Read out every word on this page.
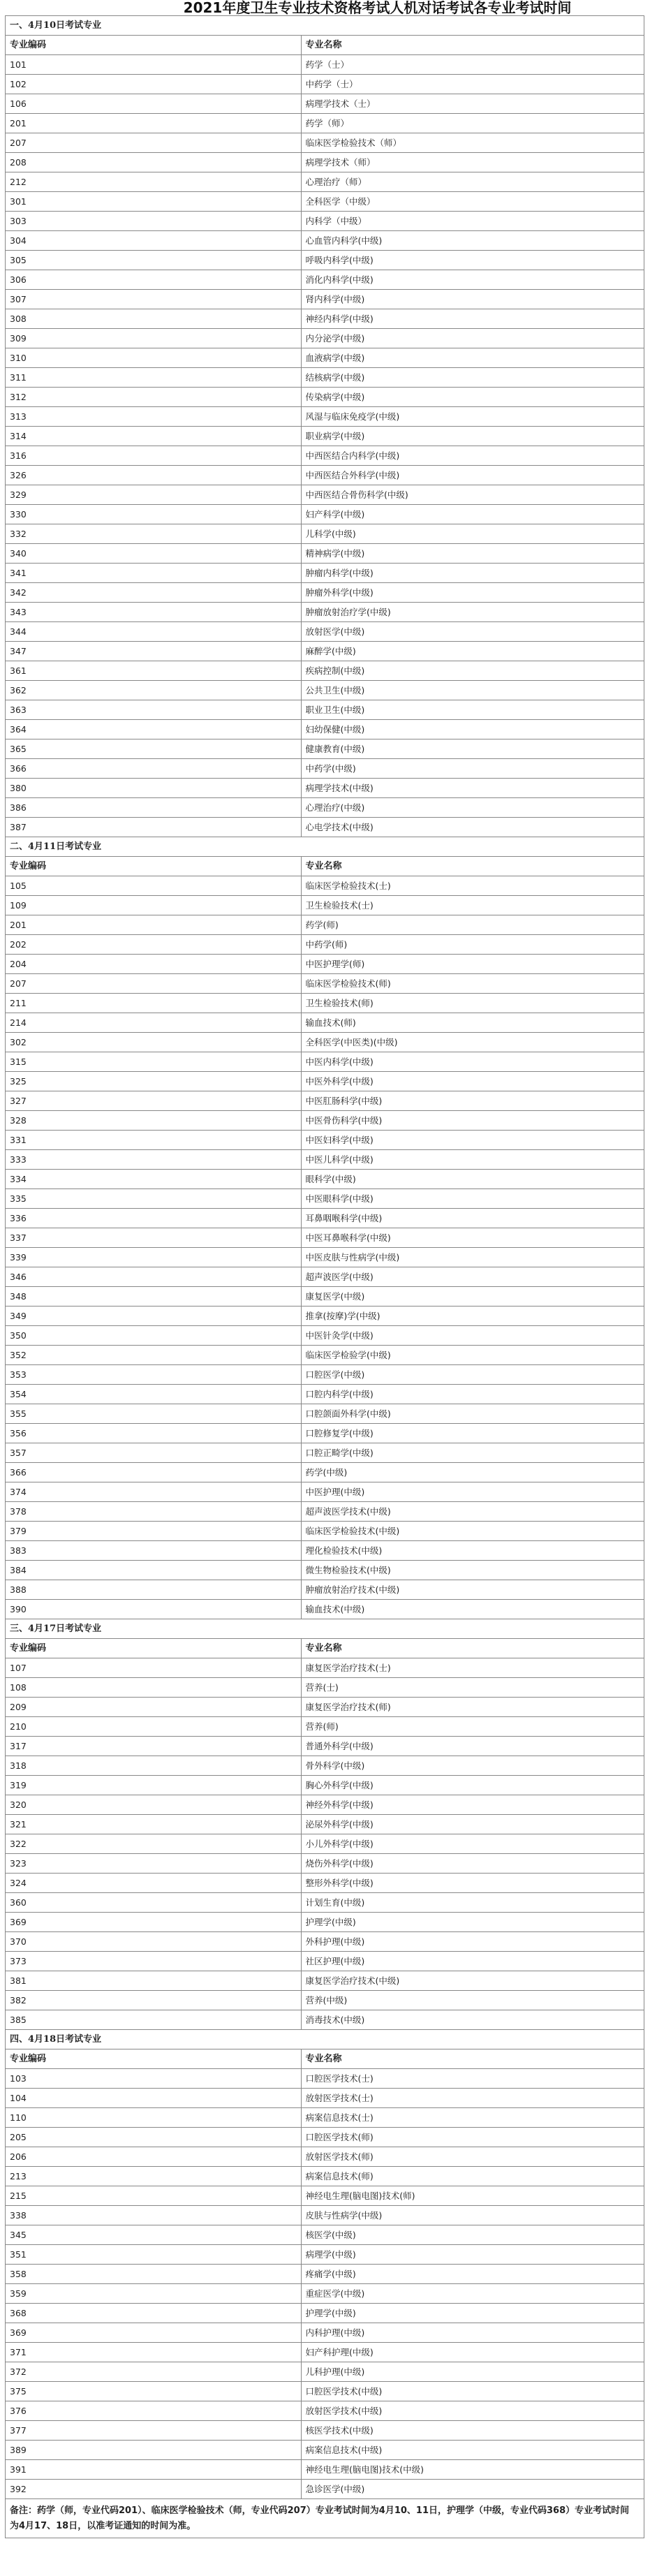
2021年度卫生专业技术资格考试人机对话考试各专业考试时间
一、4月10日考试专业
专业编码	专业名称
101	药学（士）
102	中药学（士）
106	病理学技术（士）
201	药学（师）
207	临床医学检验技术（师）
208	病理学技术（师）
212	心理治疗（师）
301	全科医学（中级）
303	内科学（中级）
304	心血管内科学(中级)
305	呼吸内科学(中级)
306	消化内科学(中级)
307	肾内科学(中级)
308	神经内科学(中级)
309	内分泌学(中级)
310	血液病学(中级)
311	结核病学(中级)
312	传染病学(中级)
313	风湿与临床免疫学(中级)
314	职业病学(中级)
316	中西医结合内科学(中级)
326	中西医结合外科学(中级)
329	中西医结合骨伤科学(中级)
330	妇产科学(中级)
332	儿科学(中级)
340	精神病学(中级)
341	肿瘤内科学(中级)
342	肿瘤外科学(中级)
343	肿瘤放射治疗学(中级)
344	放射医学(中级)
347	麻醉学(中级)
361	疾病控制(中级)
362	公共卫生(中级)
363	职业卫生(中级)
364	妇幼保健(中级)
365	健康教育(中级)
366	中药学(中级)
380	病理学技术(中级)
386	心理治疗(中级)
387	心电学技术(中级)
二、4月11日考试专业
专业编码	专业名称
105	临床医学检验技术(士)
109	卫生检验技术(士)
201	药学(师)
202	中药学(师)
204	中医护理学(师)
207	临床医学检验技术(师)
211	卫生检验技术(师)
214	输血技术(师)
302	全科医学(中医类)(中级)
315	中医内科学(中级)
325	中医外科学(中级)
327	中医肛肠科学(中级)
328	中医骨伤科学(中级)
331	中医妇科学(中级)
333	中医儿科学(中级)
334	眼科学(中级)
335	中医眼科学(中级)
336	耳鼻咽喉科学(中级)
337	中医耳鼻喉科学(中级)
339	中医皮肤与性病学(中级)
346	超声波医学(中级)
348	康复医学(中级)
349	推拿(按摩)学(中级)
350	中医针灸学(中级)
352	临床医学检验学(中级)
353	口腔医学(中级)
354	口腔内科学(中级)
355	口腔颌面外科学(中级)
356	口腔修复学(中级)
357	口腔正畸学(中级)
366	药学(中级)
374	中医护理(中级)
378	超声波医学技术(中级)
379	临床医学检验技术(中级)
383	理化检验技术(中级)
384	微生物检验技术(中级)
388	肿瘤放射治疗技术(中级)
390	输血技术(中级)
三、4月17日考试专业
专业编码	专业名称
107	康复医学治疗技术(士)
108	营养(士)
209	康复医学治疗技术(师)
210	营养(师)
317	普通外科学(中级)
318	骨外科学(中级)
319	胸心外科学(中级)
320	神经外科学(中级)
321	泌尿外科学(中级)
322	小儿外科学(中级)
323	烧伤外科学(中级)
324	整形外科学(中级)
360	计划生育(中级)
369	护理学(中级)
370	外科护理(中级)
373	社区护理(中级)
381	康复医学治疗技术(中级)
382	营养(中级)
385	消毒技术(中级)
四、4月18日考试专业
专业编码	专业名称
103	口腔医学技术(士)
104	放射医学技术(士)
110	病案信息技术(士)
205	口腔医学技术(师)
206	放射医学技术(师)
213	病案信息技术(师)
215	神经电生理(脑电图)技术(师)
338	皮肤与性病学(中级)
345	核医学(中级)
351	病理学(中级)
358	疼痛学(中级)
359	重症医学(中级)
368	护理学(中级)
369	内科护理(中级)
371	妇产科护理(中级)
372	儿科护理(中级)
375	口腔医学技术(中级)
376	放射医学技术(中级)
377	核医学技术(中级)
389	病案信息技术(中级)
391	神经电生理(脑电图)技术(中级)
392	急诊医学(中级)
备注：药学（师，专业代码201）、临床医学检验技术（师，专业代码207）专业考试时间为4月10、11日，护理学（中级，专业代码368）专业考试时间为4月17、18日，以准考证通知的时间为准。
